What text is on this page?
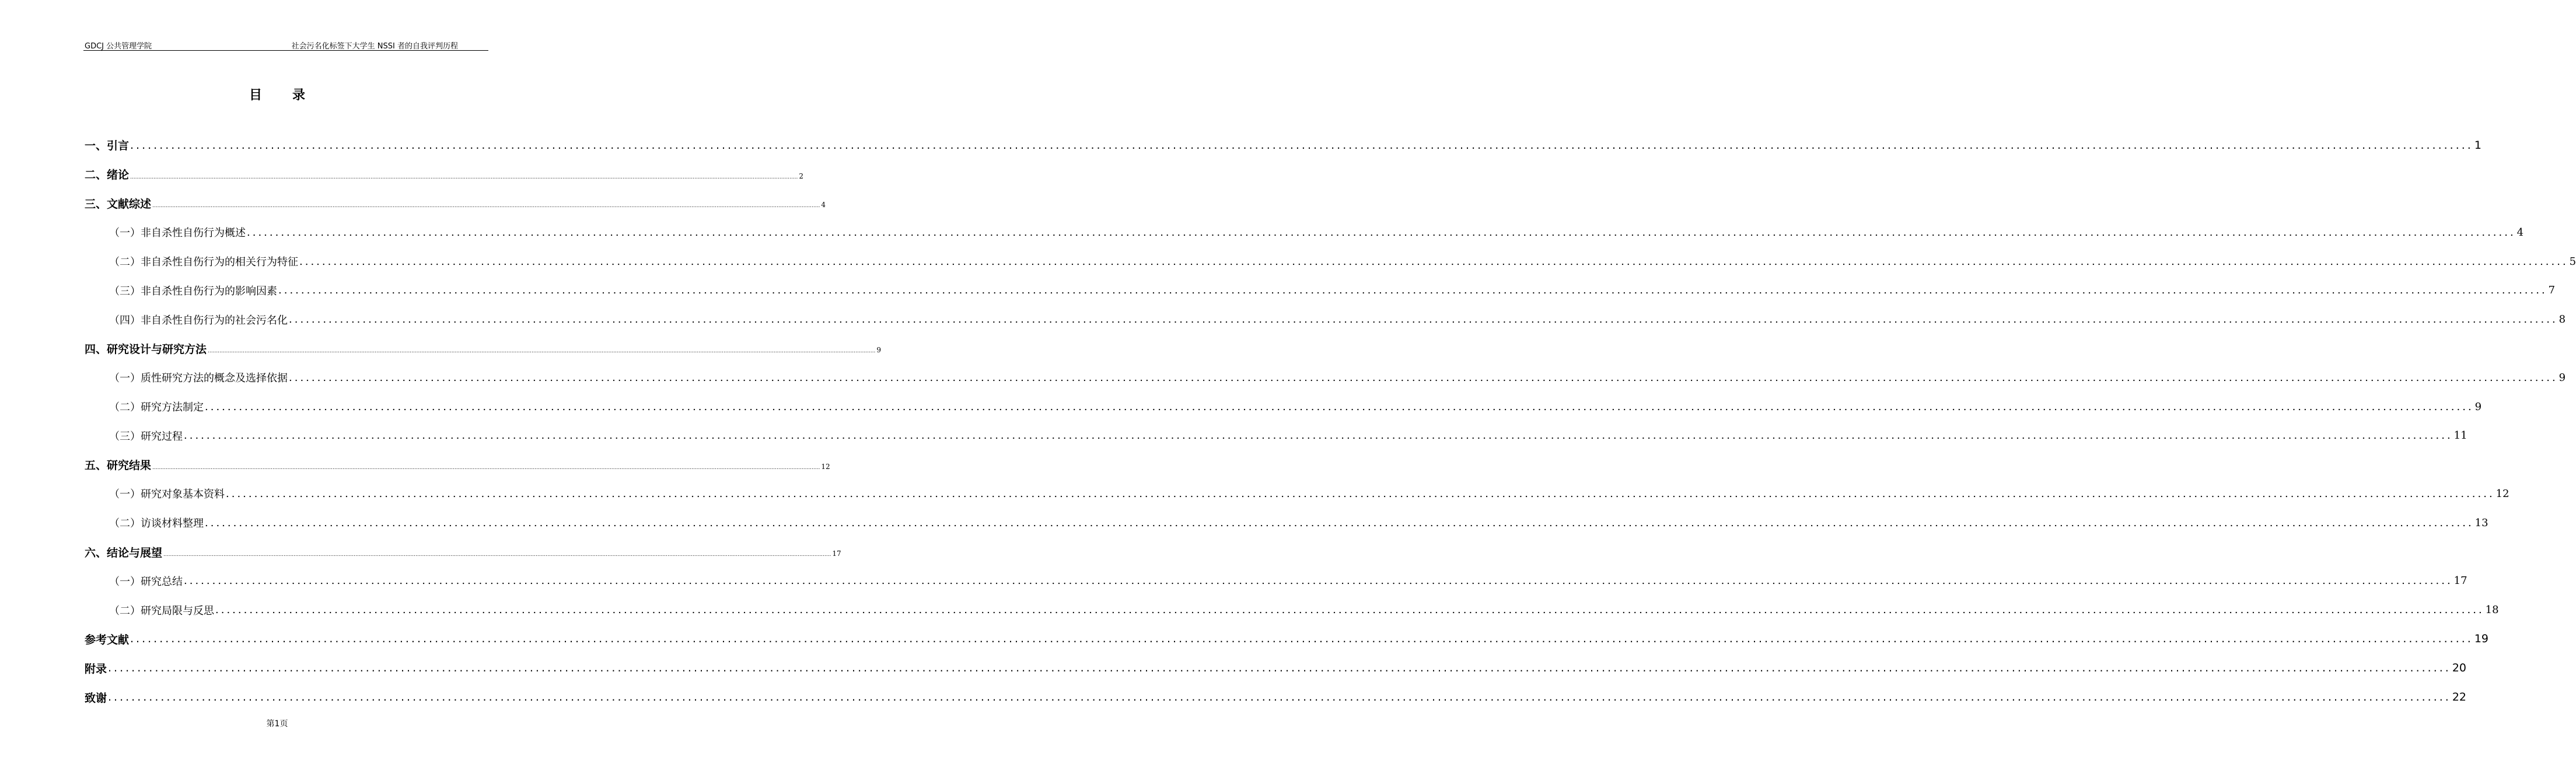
GDCJ 公共管理学院	社会污名化标签下大学生 NSSI 者的自我评判历程
目录
一、引言 ................................................................................................................................................................................................................................................................................................................................................................................................................ 1
二、绪论 ................................................................................................................................................................................................................................................................................................................................................................................................................ 2
三、文献综述 ................................................................................................................................................................................................................................................................................................................................................................................................................ 4
（一）非自杀性自伤行为概述 ................................................................................................................................................................................................................................................................................................................................................................................................................ 4
（二）非自杀性自伤行为的相关行为特征 ................................................................................................................................................................................................................................................................................................................................................................................................................ 5
（三）非自杀性自伤行为的影响因素 ................................................................................................................................................................................................................................................................................................................................................................................................................ 7
（四）非自杀性自伤行为的社会污名化 ................................................................................................................................................................................................................................................................................................................................................................................................................ 8
四、研究设计与研究方法 ................................................................................................................................................................................................................................................................................................................................................................................................................ 9
（一）质性研究方法的概念及选择依据 ................................................................................................................................................................................................................................................................................................................................................................................................................ 9
（二）研究方法制定 ................................................................................................................................................................................................................................................................................................................................................................................................................ 9
（三）研究过程 ................................................................................................................................................................................................................................................................................................................................................................................................................ 11
五、研究结果 ................................................................................................................................................................................................................................................................................................................................................................................................................ 12
（一）研究对象基本资料 ................................................................................................................................................................................................................................................................................................................................................................................................................ 12
（二）访谈材料整理 ................................................................................................................................................................................................................................................................................................................................................................................................................ 13
六、结论与展望 ................................................................................................................................................................................................................................................................................................................................................................................................................ 17
（一）研究总结 ................................................................................................................................................................................................................................................................................................................................................................................................................ 17
（二）研究局限与反思 ................................................................................................................................................................................................................................................................................................................................................................................................................ 18
参考文献 ................................................................................................................................................................................................................................................................................................................................................................................................................ 19
附录 ................................................................................................................................................................................................................................................................................................................................................................................................................ 20
致谢 ................................................................................................................................................................................................................................................................................................................................................................................................................ 22
第1页
